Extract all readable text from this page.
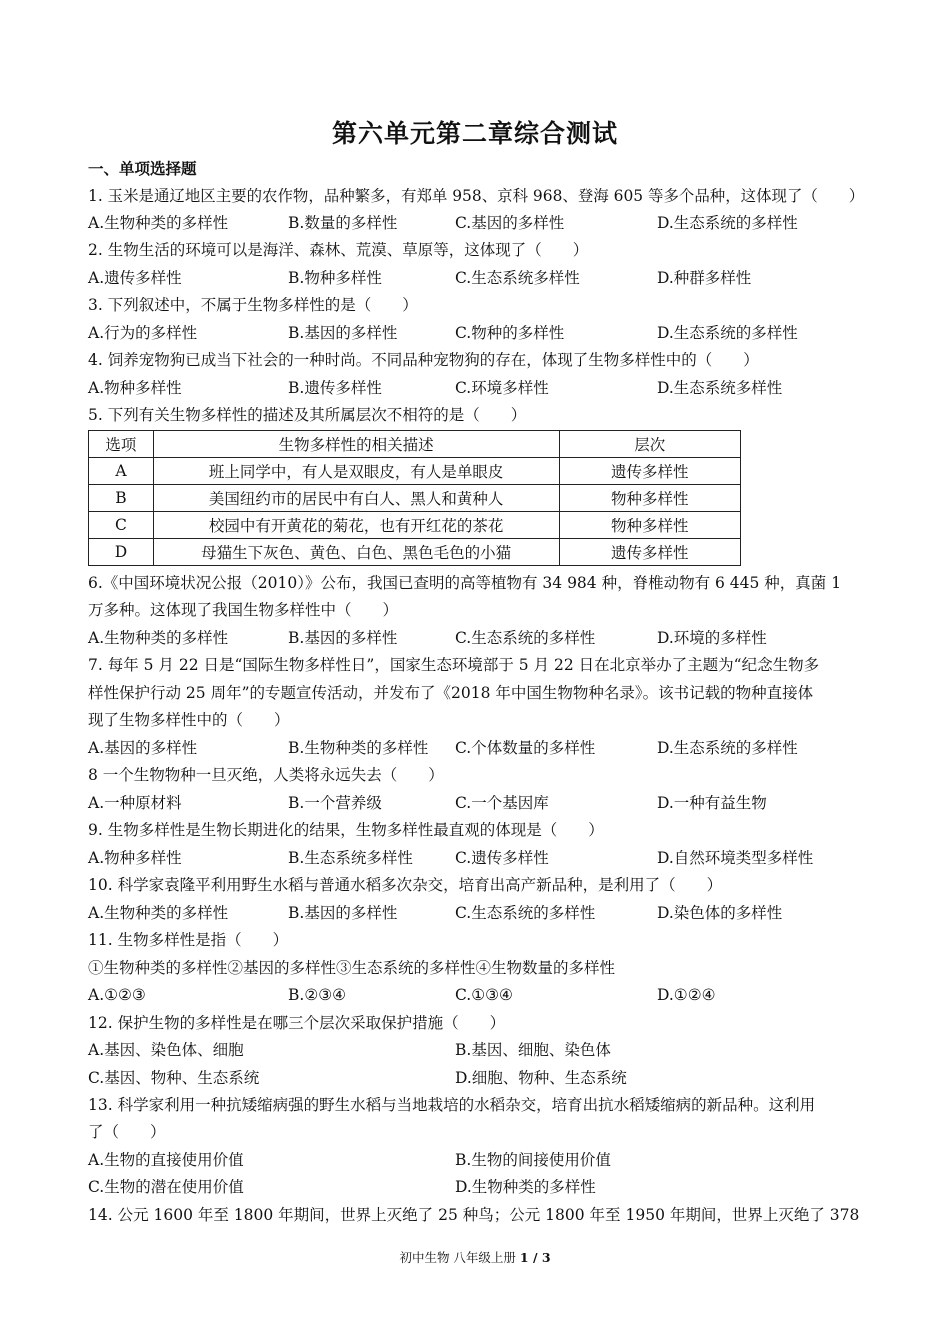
第六单元第二章综合测试
一、单项选择题
1. 玉米是通辽地区主要的农作物，品种繁多，有郑单 958、京科 968、登海 605 等多个品种，这体现了（　　）
A.生物种类的多样性	B.数量的多样性	C.基因的多样性	D.生态系统的多样性
2. 生物生活的环境可以是海洋、森林、荒漠、草原等，这体现了（　　）
A.遗传多样性	B.物种多样性	C.生态系统多样性	D.种群多样性
3. 下列叙述中，不属于生物多样性的是（　　）
A.行为的多样性	B.基因的多样性	C.物种的多样性	D.生态系统的多样性
4. 饲养宠物狗已成当下社会的一种时尚。不同品种宠物狗的存在，体现了生物多样性中的（　　）
A.物种多样性	B.遗传多样性	C.环境多样性	D.生态系统多样性
5. 下列有关生物多样性的描述及其所属层次不相符的是（　　）
选项	生物多样性的相关描述	层次
A	班上同学中，有人是双眼皮，有人是单眼皮	遗传多样性
B	美国纽约市的居民中有白人、黑人和黄种人	物种多样性
C	校园中有开黄花的菊花，也有开红花的茶花	物种多样性
D	母猫生下灰色、黄色、白色、黑色毛色的小猫	遗传多样性
6.《中国环境状况公报（2010）》公布，我国已查明的高等植物有 34 984 种，脊椎动物有 6 445 种，真菌 1
万多种。这体现了我国生物多样性中（　　）
A.生物种类的多样性	B.基因的多样性	C.生态系统的多样性	D.环境的多样性
7. 每年 5 月 22 日是“国际生物多样性日”，国家生态环境部于 5 月 22 日在北京举办了主题为“纪念生物多
样性保护行动 25 周年”的专题宣传活动，并发布了《2018 年中国生物物种名录》。该书记载的物种直接体
现了生物多样性中的（　　）
A.基因的多样性	B.生物种类的多样性 C.个体数量的多样性	D.生态系统的多样性
8 一个生物物种一旦灭绝，人类将永远失去（　　）
A.一种原材料	B.一个营养级	C.一个基因库	D.一种有益生物
9. 生物多样性是生物长期进化的结果，生物多样性最直观的体现是（　　）
A.物种多样性	B.生态系统多样性	C.遗传多样性	D.自然环境类型多样性
10. 科学家袁隆平利用野生水稻与普通水稻多次杂交，培育出高产新品种，是利用了（　　）
A.生物种类的多样性	B.基因的多样性	C.生态系统的多样性	D.染色体的多样性
11. 生物多样性是指（　　）
①生物种类的多样性②基因的多样性③生态系统的多样性④生物数量的多样性
A.①②③	B.②③④	C.①③④	D.①②④
12. 保护生物的多样性是在哪三个层次采取保护措施（　　）
A.基因、染色体、细胞	B.基因、细胞、染色体
C.基因、物种、生态系统	D.细胞、物种、生态系统
13. 科学家利用一种抗矮缩病强的野生水稻与当地栽培的水稻杂交，培育出抗水稻矮缩病的新品种。这利用
了（　　）
A.生物的直接使用价值	B.生物的间接使用价值
C.生物的潜在使用价值	D.生物种类的多样性
14. 公元 1600 年至 1800 年期间，世界上灭绝了 25 种鸟；公元 1800 年至 1950 年期间，世界上灭绝了 378
初中生物 八年级上册 1 / 3
